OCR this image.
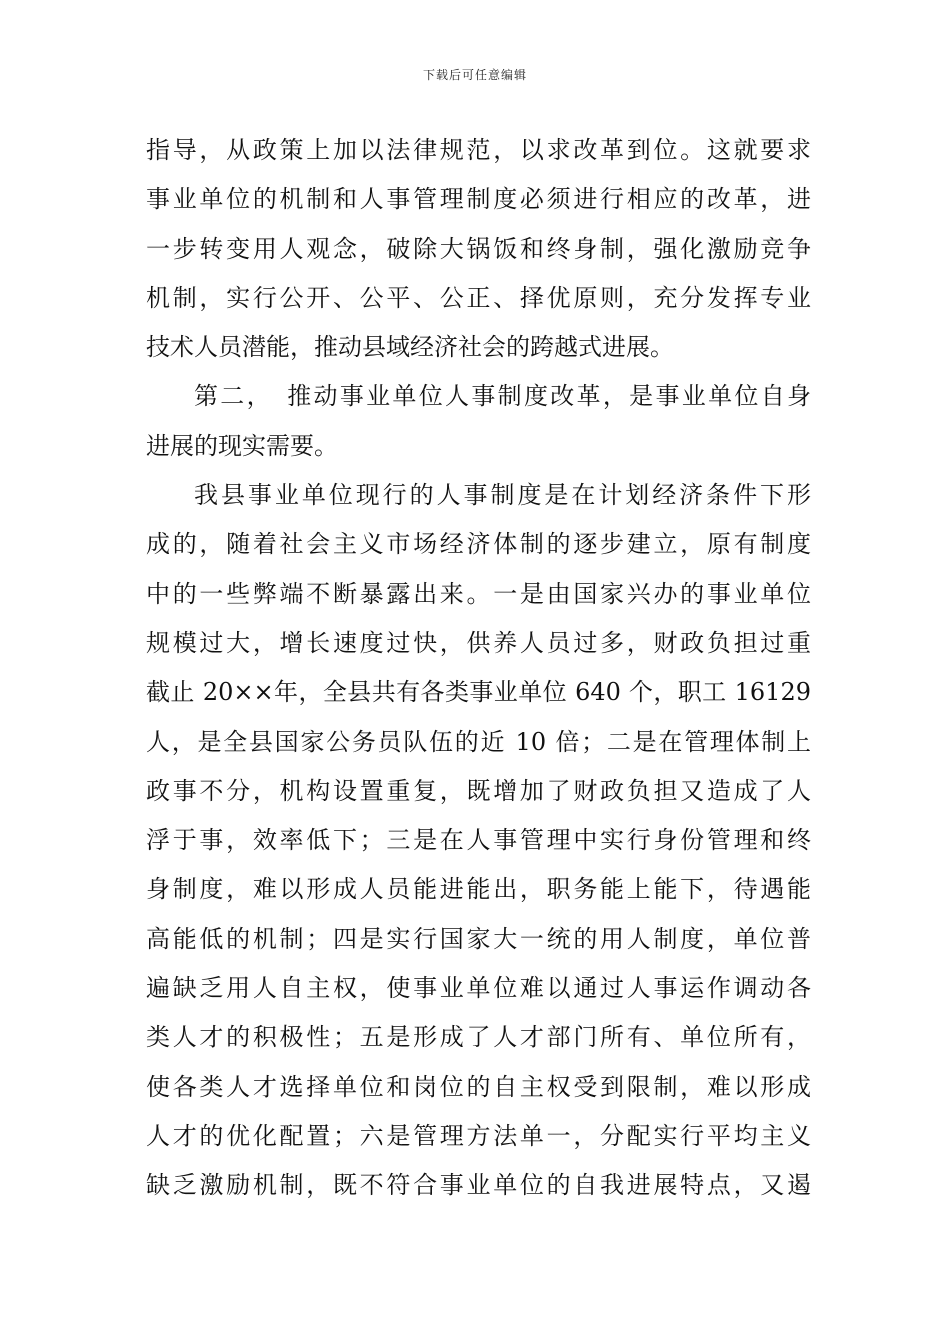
下载后可任意编辑
指导，从政策上加以法律规范，以求改革到位。这就要求
事业单位的机制和人事管理制度必须进行相应的改革，进
一步转变用人观念，破除大锅饭和终身制，强化激励竞争
机制，实行公开、公平、公正、择优原则，充分发挥专业
技术人员潜能，推动县域经济社会的跨越式进展。
第二，　推动事业单位人事制度改革，是事业单位自身
进展的现实需要。
我县事业单位现行的人事制度是在计划经济条件下形
成的，随着社会主义市场经济体制的逐步建立，原有制度
中的一些弊端不断暴露出来。一是由国家兴办的事业单位
规模过大，增长速度过快，供养人员过多，财政负担过重
截止 20××年，全县共有各类事业单位 640 个，职工 16129
人，是全县国家公务员队伍的近 10 倍；二是在管理体制上
政事不分，机构设置重复，既增加了财政负担又造成了人
浮于事，效率低下；三是在人事管理中实行身份管理和终
身制度，难以形成人员能进能出，职务能上能下，待遇能
高能低的机制；四是实行国家大一统的用人制度，单位普
遍缺乏用人自主权，使事业单位难以通过人事运作调动各
类人才的积极性；五是形成了人才部门所有、单位所有，
使各类人才选择单位和岗位的自主权受到限制，难以形成
人才的优化配置；六是管理方法单一，分配实行平均主义
缺乏激励机制，既不符合事业单位的自我进展特点，又遏
